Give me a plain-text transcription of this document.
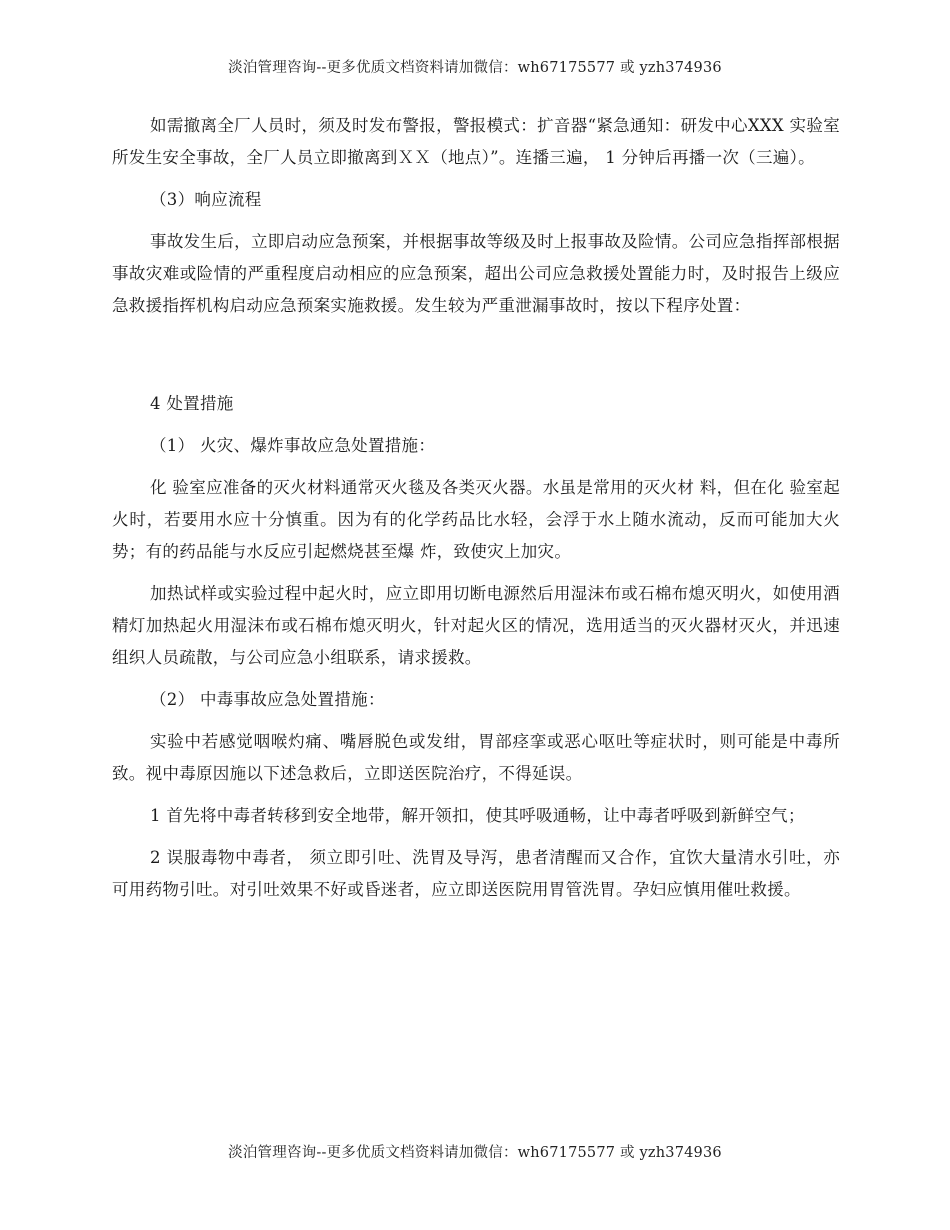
淡泊管理咨询--更多优质文档资料请加微信：wh67175577 或 yzh374936

如需撤离全厂人员时，须及时发布警报，警报模式：扩音器“紧急通知：研发中心XXX 实验室所发生安全事故，全厂人员立即撤离到ＸＸ（地点）”。连播三遍， 1 分钟后再播一次（三遍）。

（3）响应流程

事故发生后，立即启动应急预案，并根据事故等级及时上报事故及险情。公司应急指挥部根据事故灾难或险情的严重程度启动相应的应急预案，超出公司应急救援处置能力时，及时报告上级应急救援指挥机构启动应急预案实施救援。发生较为严重泄漏事故时，按以下程序处置：

4 处置措施

（1） 火灾、爆炸事故应急处置措施：

化 验室应准备的灭火材料通常灭火毯及各类灭火器。水虽是常用的灭火材 料，但在化 验室起火时，若要用水应十分慎重。因为有的化学药品比水轻，会浮于水上随水流动，反而可能加大火势；有的药品能与水反应引起燃烧甚至爆 炸，致使灾上加灾。

加热试样或实验过程中起火时，应立即用切断电源然后用湿沫布或石棉布熄灭明火，如使用酒精灯加热起火用湿沫布或石棉布熄灭明火，针对起火区的情况，选用适当的灭火器材灭火，并迅速组织人员疏散，与公司应急小组联系，请求援救。

（2） 中毒事故应急处置措施：

实验中若感觉咽喉灼痛、嘴唇脱色或发绀，胃部痉挛或恶心呕吐等症状时，则可能是中毒所致。视中毒原因施以下述急救后，立即送医院治疗，不得延误。

1 首先将中毒者转移到安全地带，解开领扣，使其呼吸通畅，让中毒者呼吸到新鲜空气；

2 误服毒物中毒者， 须立即引吐、洗胃及导泻，患者清醒而又合作，宜饮大量清水引吐，亦可用药物引吐。对引吐效果不好或昏迷者，应立即送医院用胃管洗胃。孕妇应慎用催吐救援。

淡泊管理咨询--更多优质文档资料请加微信：wh67175577 或 yzh374936
